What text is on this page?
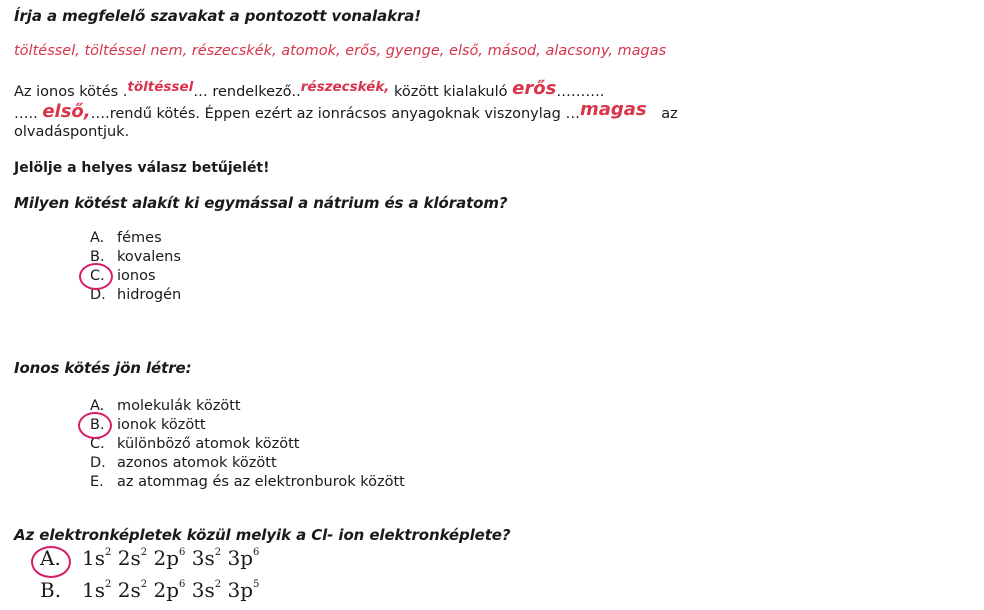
Írja a megfelelő szavakat a pontozott vonalakra!
töltéssel, töltéssel nem, részecskék, atomok, erős, gyenge, első, másod, alacsony, magas
Az ionos kötés .töltéssel… rendelkező..részecskék, között kialakuló erős……….
….. első,….rendű kötés. Éppen ezért az ionrácsos anyagoknak viszonylag …magas az
olvadáspontjuk.
Jelölje a helyes válasz betűjelét!
Milyen kötést alakít ki egymással a nátrium és a klóratom?
A. fémes
B. kovalens
C. ionos
D. hidrogén
Ionos kötés jön létre:
A. molekulák között
B. ionok között
C. különböző atomok között
D. azonos atomok között
E. az atommag és az elektronburok között
Az elektronképletek közül melyik a Cl- ion elektronképlete?
A. $1s^2$ $2s^2$ $2p^6$ $3s^2$ $3p^6$
B. $1s^2$ $2s^2$ $2p^6$ $3s^2$ $3p^5$
